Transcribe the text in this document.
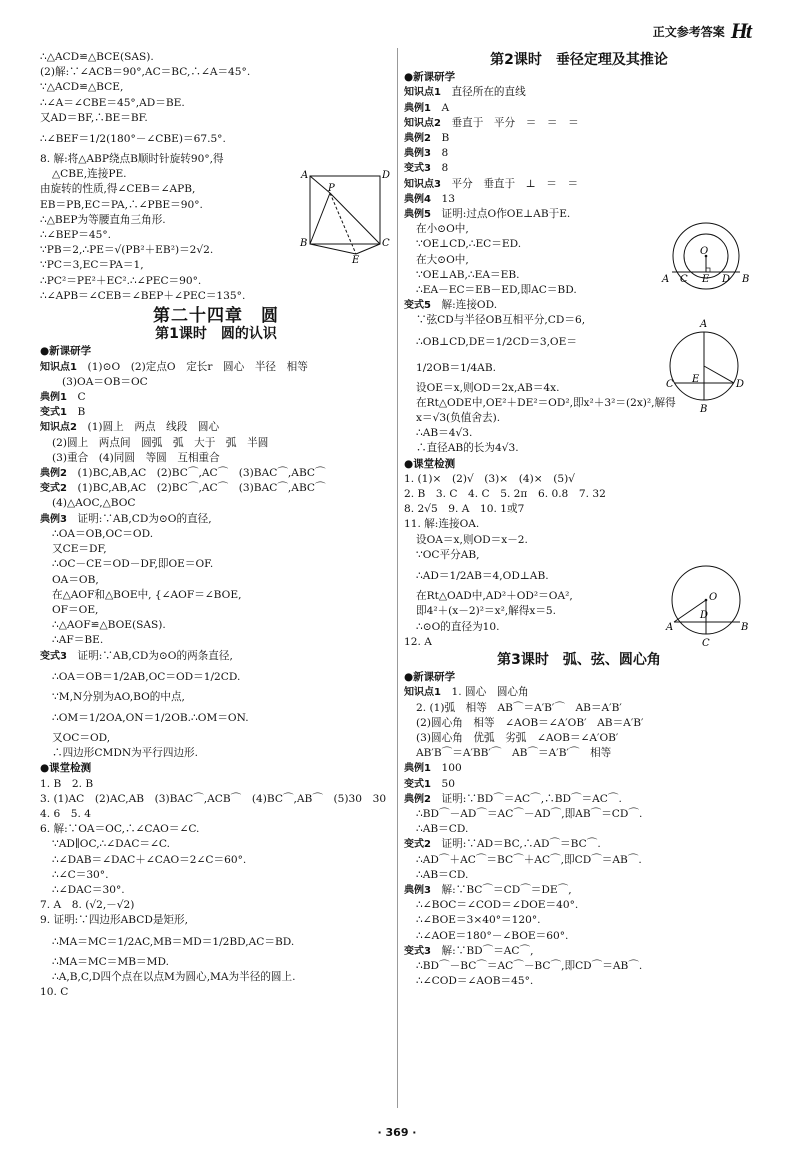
正文参考答案 Ht
∴△ACD≌△BCE(SAS).
(2)解:∵∠ACB＝90°,AC＝BC,∴∠A＝45°.
∵△ACD≌△BCE,
∴∠A＝∠CBE＝45°,AD＝BE.
又AD＝BF,∴BE＝BF.
∴∠BEF＝1/2(180°－∠CBE)＝67.5°.
8. 解:将△ABP绕点B顺时针旋转90°,得
△CBE,连接PE.
由旋转的性质,得∠CEB＝∠APB,
EB＝PB,EC＝PA,∴∠PBE＝90°.
∴△BEP为等腰直角三角形.
∴∠BEP＝45°.
∵PB＝2,∴PE＝√(PB²＋EB²)＝2√2.
∵PC＝3,EC＝PA＝1,
∴PC²＝PE²＋EC².∴∠PEC＝90°.
∴∠APB＝∠CEB＝∠BEP＋∠PEC＝135°.
第二十四章　圆
第1课时　圆的认识
●新课研学
知识点1　(1)⊙O　(2)定点O　定长r　圆心　半径　相等
(3)OA＝OB＝OC
典例1　C
变式1　B
知识点2　(1)圆上　两点　线段　圆心
(2)圆上　两点间　圆弧　弧　大于　弧　半圆
(3)重合　(4)同圆　等圆　互相重合
典例2　(1)BC,AB,AC　(2)BC⌒,AC⌒　(3)BAC⌒,ABC⌒
变式2　(1)BC,AB,AC　(2)BC⌒,AC⌒　(3)BAC⌒,ABC⌒
(4)△AOC,△BOC
典例3　证明:∵AB,CD为⊙O的直径,
∴OA＝OB,OC＝OD.
又CE＝DF,
∴OC－CE＝OD－DF,即OE＝OF.
OA＝OB,
在△AOF和△BOE中, {∠AOF＝∠BOE,
OF＝OE,
∴△AOF≌△BOE(SAS).
∴AF＝BE.
变式3　证明:∵AB,CD为⊙O的两条直径,
∴OA＝OB＝1/2AB,OC＝OD＝1/2CD.
∵M,N分别为AO,BO的中点,
∴OM＝1/2OA,ON＝1/2OB.∴OM＝ON.
又OC＝OD,
∴四边形CMDN为平行四边形.
●课堂检测
1. B　2. B
3. (1)AC　(2)AC,AB　(3)BAC⌒,ACB⌒　(4)BC⌒,AB⌒　(5)30　30
4. 6　5. 4
6. 解:∵OA＝OC,∴∠CAO＝∠C.
∵AD∥OC,∴∠DAC＝∠C.
∴∠DAB＝∠DAC＋∠CAO＝2∠C＝60°.
∴∠C＝30°.
∴∠DAC＝30°.
7. A　8. (√2,－√2)
9. 证明:∵四边形ABCD是矩形,
∴MA＝MC＝1/2AC,MB＝MD＝1/2BD,AC＝BD.
∴MA＝MC＝MB＝MD.
∴A,B,C,D四个点在以点M为圆心,MA为半径的圆上.
10. C
第2课时　垂径定理及其推论
●新课研学
知识点1　直径所在的直线
典例1　A
知识点2　垂直于　平分　＝　＝　＝
典例2　B
典例3　8
变式3　8
知识点3　平分　垂直于　⊥　＝　＝
典例4　13
典例5　证明:过点O作OE⊥AB于E.
在小⊙O中,
∵OE⊥CD,∴EC＝ED.
在大⊙O中,
∵OE⊥AB,∴EA＝EB.
∴EA－EC＝EB－ED,即AC＝BD.
变式5　解:连接OD.
∵弦CD与半径OB互相平分,CD＝6,
∴OB⊥CD,DE＝1/2CD＝3,OE＝
1/2OB＝1/4AB.
设OE＝x,则OD＝2x,AB＝4x.
在Rt△ODE中,OE²＋DE²＝OD²,即x²＋3²＝(2x)²,解得
x＝√3(负值舍去).
∴AB＝4√3.
∴直径AB的长为4√3.
●课堂检测
1. (1)×　(2)√　(3)×　(4)×　(5)√
2. B　3. C　4. C　5. 2π　6. 0.8　7. 32
8. 2√5　9. A　10. 1或7
11. 解:连接OA.
设OA＝x,则OD＝x－2.
∵OC平分AB,
∴AD＝1/2AB＝4,OD⊥AB.
在Rt△OAD中,AD²＋OD²＝OA²,
即4²＋(x－2)²＝x²,解得x＝5.
∴⊙O的直径为10.
12. A
第3课时　弧、弦、圆心角
●新课研学
知识点1　1. 圆心　圆心角
2. (1)弧　相等　AB⌒＝A′B′⌒　AB＝A′B′
(2)圆心角　相等　∠AOB＝∠A′OB′　AB＝A′B′
(3)圆心角　优弧　劣弧　∠AOB＝∠A′OB′
AB′B⌒＝A′BB′⌒　AB⌒＝A′B′⌒　相等
典例1　100
变式1　50
典例2　证明:∵BD⌒＝AC⌒,∴BD⌒＝AC⌒.
∴BD⌒－AD⌒＝AC⌒－AD⌒,即AB⌒＝CD⌒.
∴AB＝CD.
变式2　证明:∵AD＝BC,∴AD⌒＝BC⌒.
∴AD⌒＋AC⌒＝BC⌒＋AC⌒,即CD⌒＝AB⌒.
∴AB＝CD.
典例3　解:∵BC⌒＝CD⌒＝DE⌒,
∴∠BOC＝∠COD＝∠DOE＝40°.
∴∠BOE＝3×40°＝120°.
∴∠AOE＝180°－∠BOE＝60°.
变式3　解:∵BD⌒＝AC⌒,
∴BD⌒－BC⌒＝AC⌒－BC⌒,即CD⌒＝AB⌒.
∴∠COD＝∠AOB＝45°.
A	D
P
B	C
E
O
A C E D B
A
C E	D
B
O
A
D
B
C
· 369 ·
